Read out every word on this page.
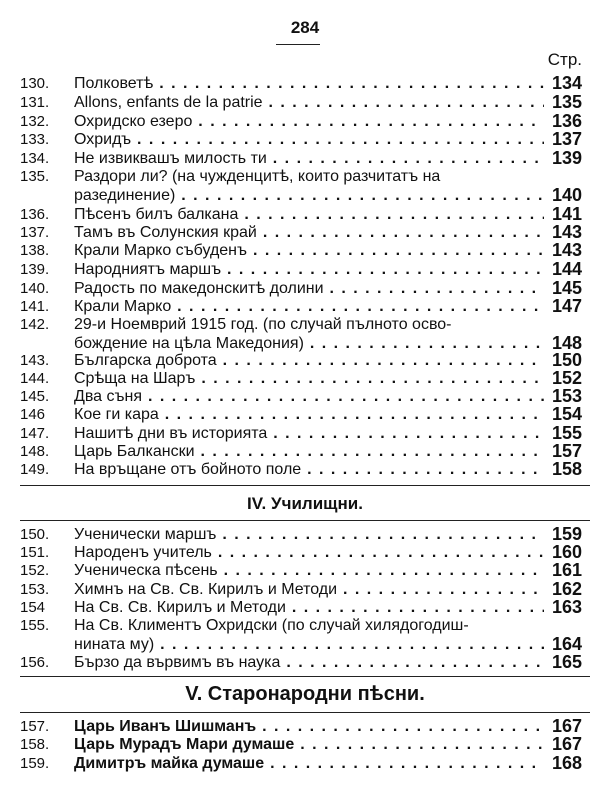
284
Стр.
130.	Полковетѣ . . .	134
131.	Allons, enfants de la patrie . . .	135
132.	Охридско езеро . . .	136
133.	Охридъ . . .	137
134.	Не извиквашъ милость ти . . .	139
135.	Раздори ли? (на чужденцитѣ, които разчитатъ на
разединение) . . .	140
136.	Пѣсенъ билъ балкана . . .	141
137.	Тамъ въ Солунския край . . .	143
138.	Крали Марко събуденъ . . .	143
139.	Народниятъ маршъ . . .	144
140.	Радость по македонскитѣ долини . . .	145
141.	Крали Марко . . .	147
142.	29-и Ноемврий 1915 год. (по случай пълното осво-
бождение на цѣла Македония) . . .	148
143.	Българска доброта . . .	150
144.	Срѣща на Шаръ . . .	152
145.	Два съня . . .	153
146	Кое ги кара . . .	154
147.	Нашитѣ дни въ историята . . .	155
148.	Царь Балкански . . .	157
149.	На връщане отъ бойното поле . . .	158
IV. Училищни.
150.	Ученически маршъ . . .	159
151.	Народенъ учитель . . .	160
152.	Ученическа пѣсень . . .	161
153.	Химнъ на Св. Св. Кирилъ и Методи . . .	162
154	На Св. Св. Кирилъ и Методи . . .	163
155.	На Св. Климентъ Охридски (по случай хилядогодиш-
нината му) . . .	164
156.	Бързо да вървимъ въ наука . . .	165
V. Старонародни пѣсни.
157.	Царь Иванъ Шишманъ . . .	167
158.	Царь Мурадъ Мари думаше . . .	167
159.	Димитръ майка думаше . . .	168
